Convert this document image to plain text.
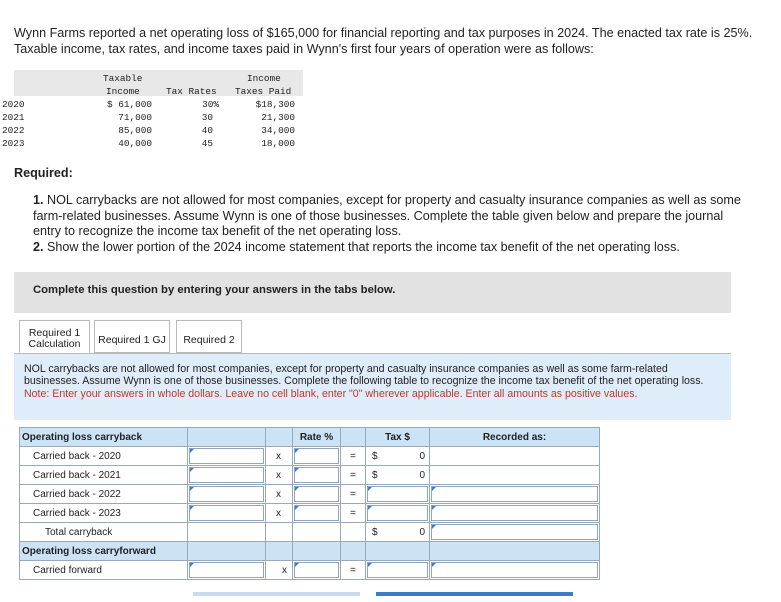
Wynn Farms reported a net operating loss of $165,000 for financial reporting and tax purposes in 2024. The enacted tax rate is 25%. Taxable income, tax rates, and income taxes paid in Wynn's first four years of operation were as follows:
Taxable
Income	Tax Rates
Income
Taxes Paid
2020	$ 61,000	30%	$18,300
2021	71,000	30	21,300
2022	85,000	40	34,000
2023	40,000	45	18,000
Required:
1. NOL carrybacks are not allowed for most companies, except for property and casualty insurance companies as well as some farm-related businesses. Assume Wynn is one of those businesses. Complete the table given below and prepare the journal entry to recognize the income tax benefit of the net operating loss.
2. Show the lower portion of the 2024 income statement that reports the income tax benefit of the net operating loss.
Complete this question by entering your answers in the tabs below.
Required 1
Calculation	Required 1 GJ	Required 2
NOL carrybacks are not allowed for most companies, except for property and casualty insurance companies as well as some farm-related businesses. Assume Wynn is one of those businesses. Complete the following table to recognize the income tax benefit of the net operating loss. Note: Enter your answers in whole dollars. Leave no cell blank, enter "0" wherever applicable. Enter all amounts as positive values.
Operating loss carryback			Rate %		Tax $	Recorded as:
Carried back - 2020		x		=	$ 0	

Carried back - 2021		x		=	$ 0	

Carried back - 2022		x		=		

Carried back - 2023		x		=		

Total carryback					$ 0	

Operating loss carryforward						
Carried forward		x		=		
